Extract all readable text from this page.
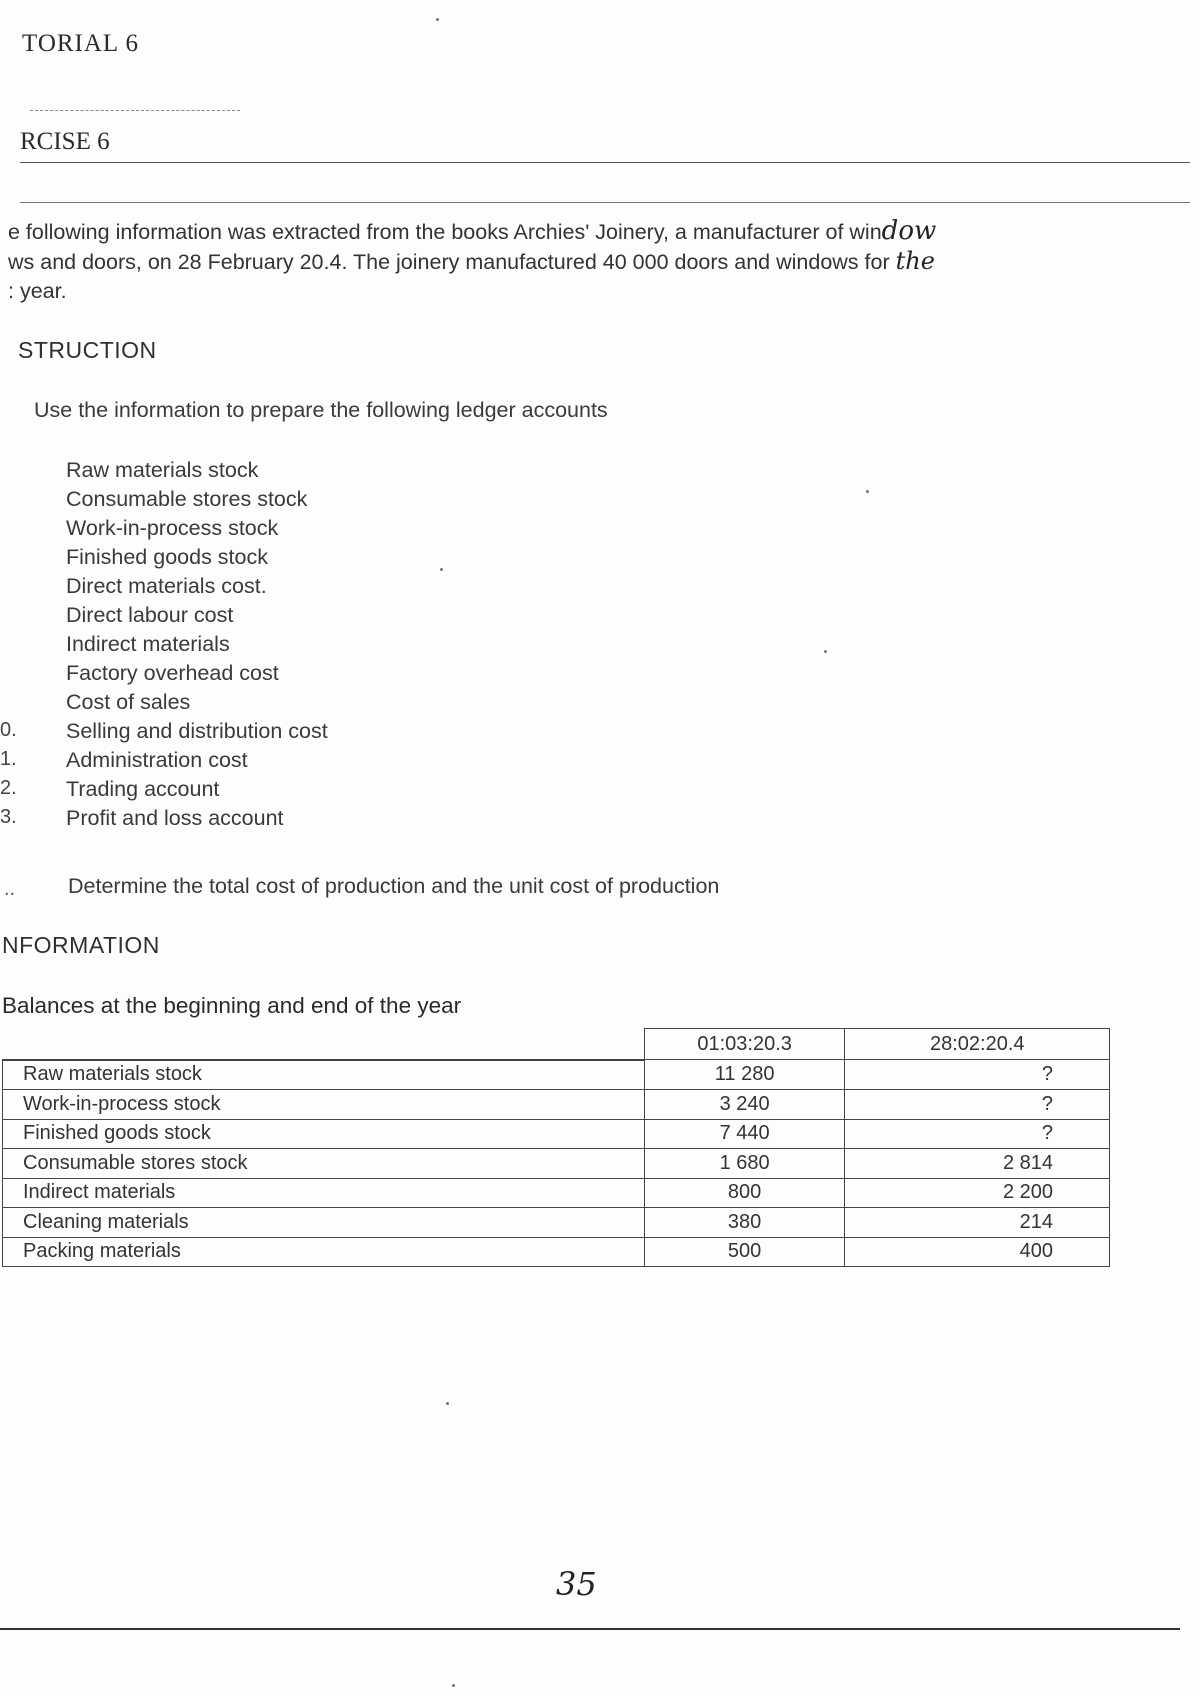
TORIAL 6
RCISE 6
e following information was extracted from the books Archies' Joinery, a manufacturer of window
ws and doors, on 28 February 20.4. The joinery manufactured 40 000 doors and windows for the
: year.
STRUCTION
Use the information to prepare the following ledger accounts
Raw materials stock
Consumable stores stock
Work-in-process stock
Finished goods stock
Direct materials cost.
Direct labour cost
Indirect materials
Factory overhead cost
Cost of sales
0. Selling and distribution cost
1. Administration cost
2. Trading account
3. Profit and loss account
.. Determine the total cost of production and the unit cost of production
NFORMATION
Balances at the beginning and end of the year
	01:03:20.3	28:02:20.4
Raw materials stock	11 280	?
Work-in-process stock	3 240	?
Finished goods stock	7 440	?
Consumable stores stock	1 680	2 814
Indirect materials	800	2 200
Cleaning materials	380	214
Packing materials	500	400
35
